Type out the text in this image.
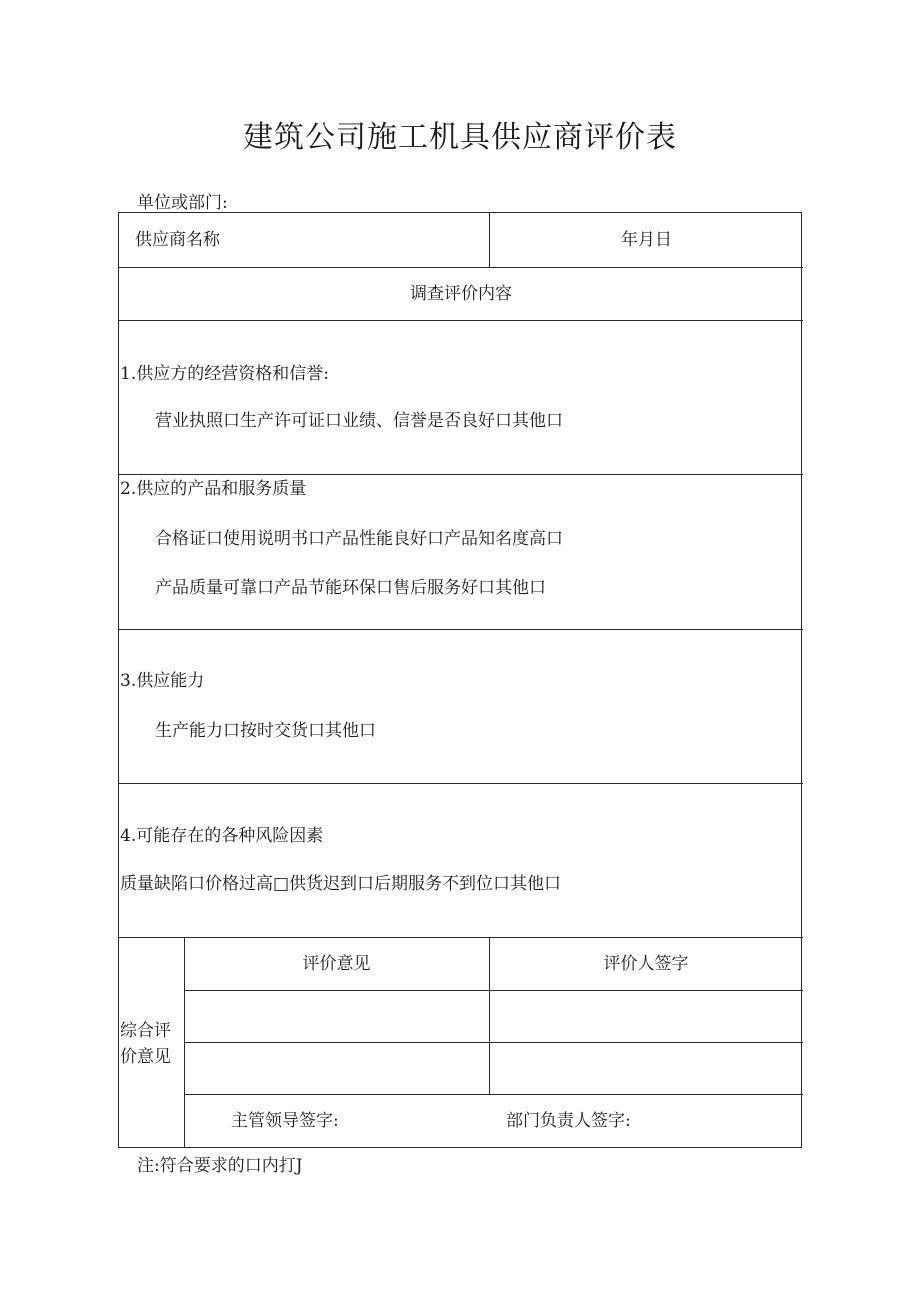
建筑公司施工机具供应商评价表
单位或部门:
供应商名称	年月日
调查评价内容
1.供应方的经营资格和信誉:
营业执照口生产许可证口业绩、信誉是否良好口其他口
2.供应的产品和服务质量
合格证口使用说明书口产品性能良好口产品知名度高口
产品质量可靠口产品节能环保口售后服务好口其他口
3.供应能力
生产能力口按时交货口其他口
4.可能存在的各种风险因素
质量缺陷口价格过高□供货迟到口后期服务不到位口其他口
综合评
价意见
评价意见	评价人签字
主管领导签字:	部门负责人签字:
注:符合要求的口内打J
